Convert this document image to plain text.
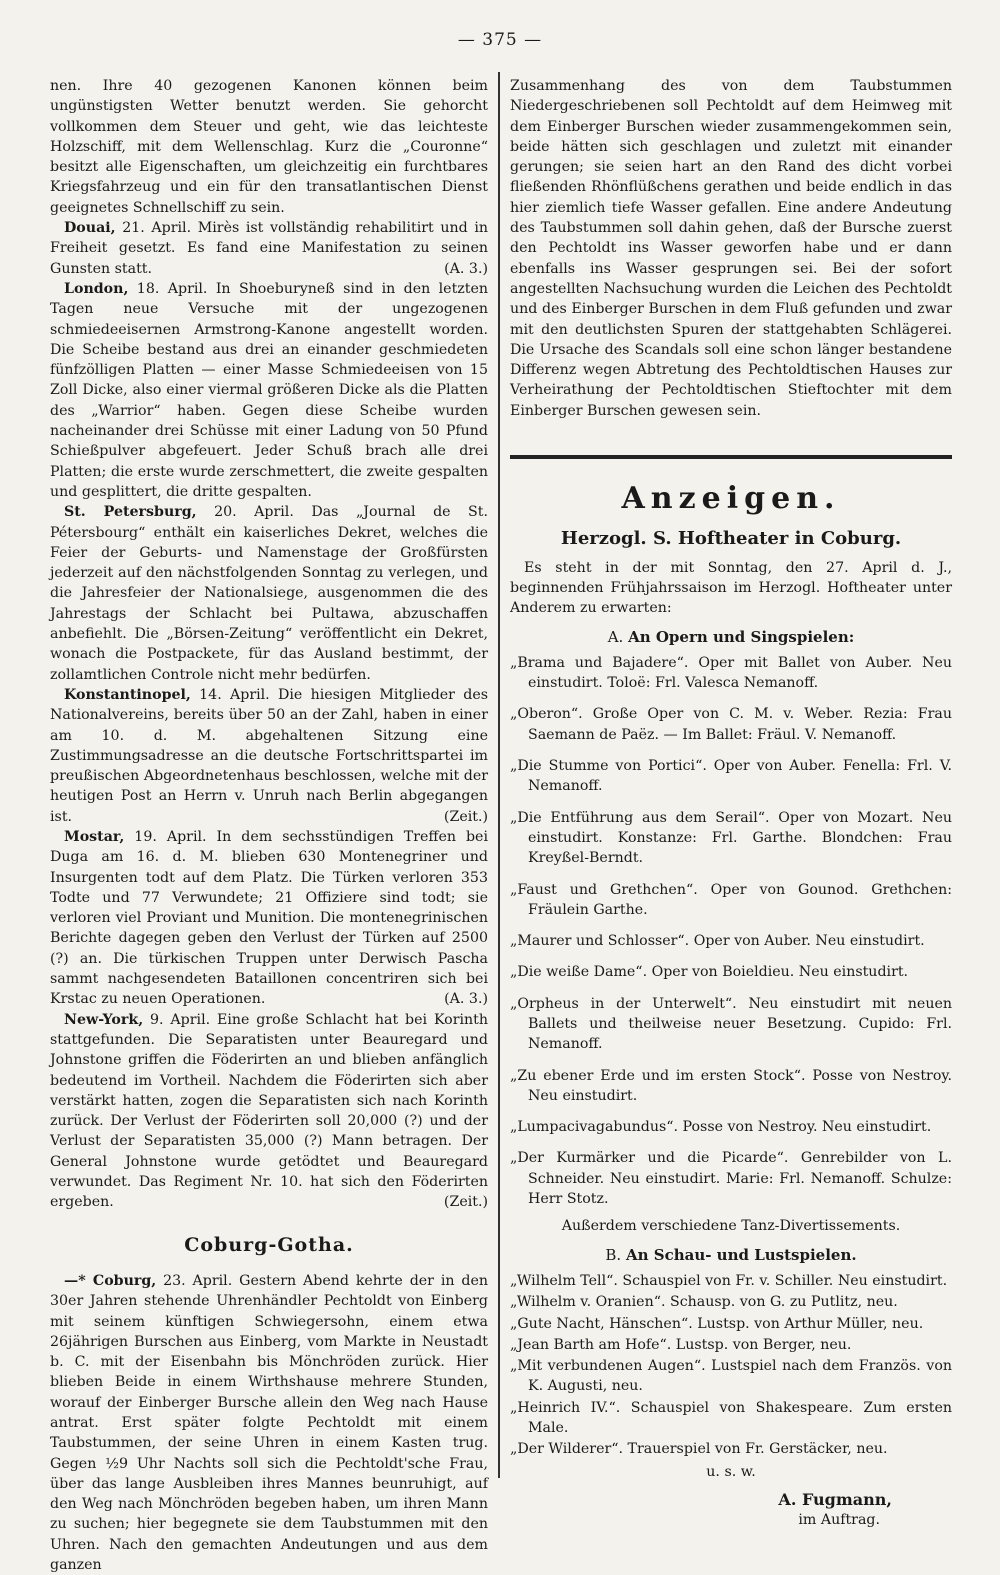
— 375 —

nen. Ihre 40 gezogenen Kanonen können beim ungünstigsten Wetter benutzt werden. Sie gehorcht vollkommen dem Steuer und geht, wie das leichteste Holzschiff, mit dem Wellenschlag. Kurz die „Couronne“ besitzt alle Eigenschaften, um gleichzeitig ein furchtbares Kriegsfahrzeug und ein für den transatlantischen Dienst geeignetes Schnellschiff zu sein.

Douai, 21. April. Mirès ist vollständig rehabilitirt und in Freiheit gesetzt. Es fand eine Manifestation zu seinen Gunsten statt.	(A. 3.)

London, 18. April. In Shoeburyneß sind in den letzten Tagen neue Versuche mit der ungezogenen schmiedeeisernen Armstrong-Kanone angestellt worden. Die Scheibe bestand aus drei an einander geschmiedeten fünfzölligen Platten — einer Masse Schmiedeeisen von 15 Zoll Dicke, also einer viermal größeren Dicke als die Platten des „Warrior“ haben. Gegen diese Scheibe wurden nacheinander drei Schüsse mit einer Ladung von 50 Pfund Schießpulver abgefeuert. Jeder Schuß brach alle drei Platten; die erste wurde zerschmettert, die zweite gespalten und gesplittert, die dritte gespalten.

St. Petersburg, 20. April. Das „Journal de St. Pétersbourg“ enthält ein kaiserliches Dekret, welches die Feier der Geburts- und Namenstage der Großfürsten jederzeit auf den nächstfolgenden Sonntag zu verlegen, und die Jahresfeier der Nationalsiege, ausgenommen die des Jahrestags der Schlacht bei Pultawa, abzuschaffen anbefiehlt. Die „Börsen-Zeitung“ veröffentlicht ein Dekret, wonach die Postpackete, für das Ausland bestimmt, der zollamtlichen Controle nicht mehr bedürfen.

Konstantinopel, 14. April. Die hiesigen Mitglieder des Nationalvereins, bereits über 50 an der Zahl, haben in einer am 10. d. M. abgehaltenen Sitzung eine Zustimmungsadresse an die deutsche Fortschrittspartei im preußischen Abgeordnetenhaus beschlossen, welche mit der heutigen Post an Herrn v. Unruh nach Berlin abgegangen ist.	(Zeit.)

Mostar, 19. April. In dem sechsstündigen Treffen bei Duga am 16. d. M. blieben 630 Montenegriner und Insurgenten todt auf dem Platz. Die Türken verloren 353 Todte und 77 Verwundete; 21 Offiziere sind todt; sie verloren viel Proviant und Munition. Die montenegrinischen Berichte dagegen geben den Verlust der Türken auf 2500 (?) an. Die türkischen Truppen unter Derwisch Pascha sammt nachgesendeten Bataillonen concentriren sich bei Krstac zu neuen Operationen.	(A. 3.)

New-York, 9. April. Eine große Schlacht hat bei Korinth stattgefunden. Die Separatisten unter Beauregard und Johnstone griffen die Föderirten an und blieben anfänglich bedeutend im Vortheil. Nachdem die Föderirten sich aber verstärkt hatten, zogen die Separatisten sich nach Korinth zurück. Der Verlust der Föderirten soll 20,000 (?) und der Verlust der Separatisten 35,000 (?) Mann betragen. Der General Johnstone wurde getödtet und Beauregard verwundet. Das Regiment Nr. 10. hat sich den Föderirten ergeben.	(Zeit.)

Coburg-Gotha.

—* Coburg, 23. April. Gestern Abend kehrte der in den 30er Jahren stehende Uhrenhändler Pechtoldt von Einberg mit seinem künftigen Schwiegersohn, einem etwa 26jährigen Burschen aus Einberg, vom Markte in Neustadt b. C. mit der Eisenbahn bis Mönchröden zurück. Hier blieben Beide in einem Wirthshause mehrere Stunden, worauf der Einberger Bursche allein den Weg nach Hause antrat. Erst später folgte Pechtoldt mit einem Taubstummen, der seine Uhren in einem Kasten trug. Gegen ½9 Uhr Nachts soll sich die Pechtoldt'sche Frau, über das lange Ausbleiben ihres Mannes beunruhigt, auf den Weg nach Mönchröden begeben haben, um ihren Mann zu suchen; hier begegnete sie dem Taubstummen mit den Uhren. Nach den gemachten Andeutungen und aus dem ganzen

Zusammenhang des von dem Taubstummen Niedergeschriebenen soll Pechtoldt auf dem Heimweg mit dem Einberger Burschen wieder zusammengekommen sein, beide hätten sich geschlagen und zuletzt mit einander gerungen; sie seien hart an den Rand des dicht vorbei fließenden Rhönflüßchens gerathen und beide endlich in das hier ziemlich tiefe Wasser gefallen. Eine andere Andeutung des Taubstummen soll dahin gehen, daß der Bursche zuerst den Pechtoldt ins Wasser geworfen habe und er dann ebenfalls ins Wasser gesprungen sei. Bei der sofort angestellten Nachsuchung wurden die Leichen des Pechtoldt und des Einberger Burschen in dem Fluß gefunden und zwar mit den deutlichsten Spuren der stattgehabten Schlägerei. Die Ursache des Scandals soll eine schon länger bestandene Differenz wegen Abtretung des Pechtoldtischen Hauses zur Verheirathung der Pechtoldtischen Stieftochter mit dem Einberger Burschen gewesen sein.

Anzeigen.
Herzogl. S. Hoftheater in Coburg.

Es steht in der mit Sonntag, den 27. April d. J., beginnenden Frühjahrssaison im Herzogl. Hoftheater unter Anderem zu erwarten:

A. An Opern und Singspielen:

„Brama und Bajadere“. Oper mit Ballet von Auber. Neu einstudirt. Toloë: Frl. Valesca Nemanoff.

„Oberon“. Große Oper von C. M. v. Weber. Rezia: Frau Saemann de Paëz. — Im Ballet: Fräul. V. Nemanoff.

„Die Stumme von Portici“. Oper von Auber. Fenella: Frl. V. Nemanoff.

„Die Entführung aus dem Serail“. Oper von Mozart. Neu einstudirt. Konstanze: Frl. Garthe. Blondchen: Frau Kreyßel-Berndt.

„Faust und Grethchen“. Oper von Gounod. Grethchen: Fräulein Garthe.

„Maurer und Schlosser“. Oper von Auber. Neu einstudirt.

„Die weiße Dame“. Oper von Boieldieu. Neu einstudirt.

„Orpheus in der Unterwelt“. Neu einstudirt mit neuen Ballets und theilweise neuer Besetzung. Cupido: Frl. Nemanoff.

„Zu ebener Erde und im ersten Stock“. Posse von Nestroy. Neu einstudirt.

„Lumpacivagabundus“. Posse von Nestroy. Neu einstudirt.

„Der Kurmärker und die Picarde“. Genrebilder von L. Schneider. Neu einstudirt. Marie: Frl. Nemanoff. Schulze: Herr Stotz.

Außerdem verschiedene Tanz-Divertissements.

B. An Schau- und Lustspielen.

„Wilhelm Tell“. Schauspiel von Fr. v. Schiller. Neu einstudirt.

„Wilhelm v. Oranien“. Schausp. von G. zu Putlitz, neu.

„Gute Nacht, Hänschen“. Lustsp. von Arthur Müller, neu.

„Jean Barth am Hofe“. Lustsp. von Berger, neu.

„Mit verbundenen Augen“. Lustspiel nach dem Französ. von K. Augusti, neu.

„Heinrich IV.“. Schauspiel von Shakespeare. Zum ersten Male.

„Der Wilderer“. Trauerspiel von Fr. Gerstäcker, neu.

u. s. w.
A. Fugmann,
im Auftrag.
